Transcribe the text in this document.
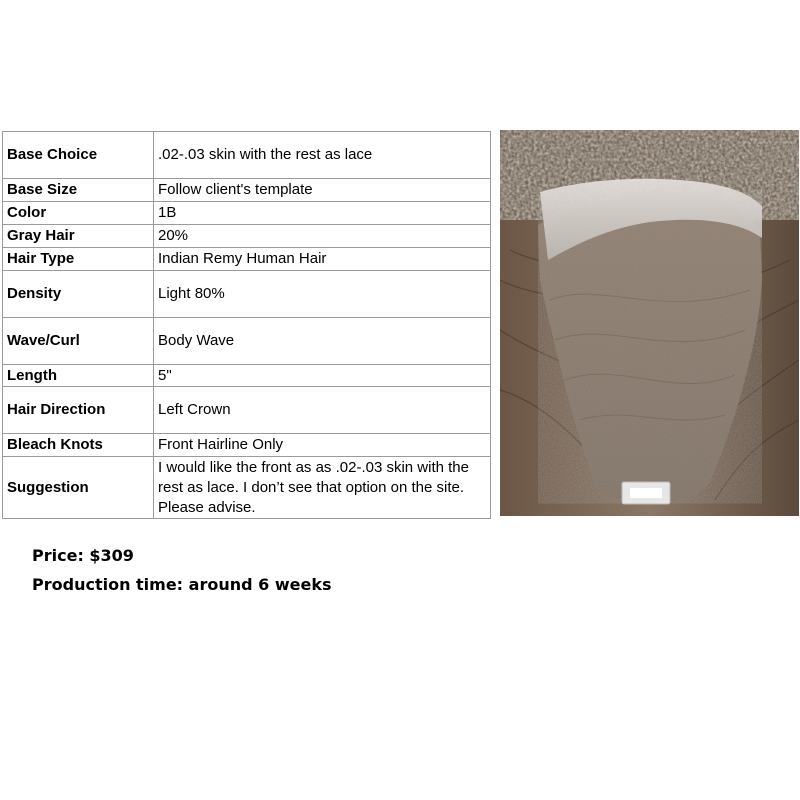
Base Choice	.02-.03 skin with the rest as lace
Base Size	Follow client's template
Color	1B
Gray Hair	20%
Hair Type	Indian Remy Human Hair
Density	Light 80%
Wave/Curl	Body Wave
Length	5"
Hair Direction	Left Crown
Bleach Knots	Front Hairline Only
Suggestion	I would like the front as as .02-.03 skin with the rest as lace. I don’t see that option on the site. Please advise.
Price: $309
Production time: around 6 weeks
